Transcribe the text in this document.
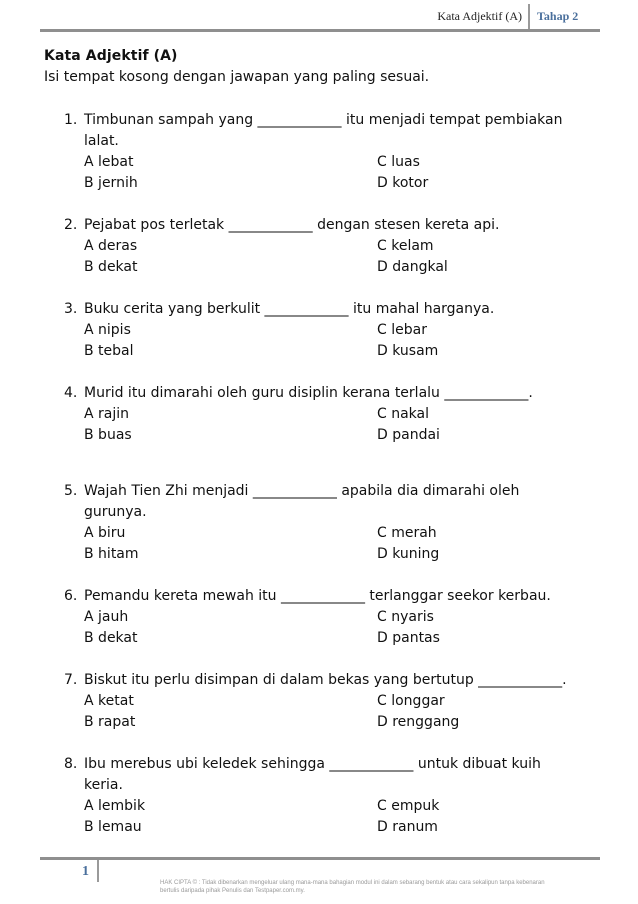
Kata Adjektif (A) Tahap 2
Kata Adjektif (A)
Isi tempat kosong dengan jawapan yang paling sesuai.
1. Timbunan sampah yang ____________ itu menjadi tempat pembiakan lalat.
A lebat	C luas
B jernih	D kotor
2. Pejabat pos terletak ____________ dengan stesen kereta api.
A deras	C kelam
B dekat	D dangkal
3. Buku cerita yang berkulit ____________ itu mahal harganya.
A nipis	C lebar
B tebal	D kusam
4. Murid itu dimarahi oleh guru disiplin kerana terlalu ____________.
A rajin	C nakal
B buas	D pandai
5. Wajah Tien Zhi menjadi ____________ apabila dia dimarahi oleh gurunya.
A biru	C merah
B hitam	D kuning
6. Pemandu kereta mewah itu ____________ terlanggar seekor kerbau.
A jauh	C nyaris
B dekat	D pantas
7. Biskut itu perlu disimpan di dalam bekas yang bertutup ____________.
A ketat	C longgar
B rapat	D renggang
8. Ibu merebus ubi keledek sehingga ____________ untuk dibuat kuih keria.
A lembik	C empuk
B lemau	D ranum
1
HAK CIPTA © : Tidak dibenarkan mengeluar ulang mana-mana bahagian modul ini dalam sebarang bentuk atau cara sekalipun tanpa kebenaran bertulis daripada pihak Penulis dan Testpaper.com.my.
